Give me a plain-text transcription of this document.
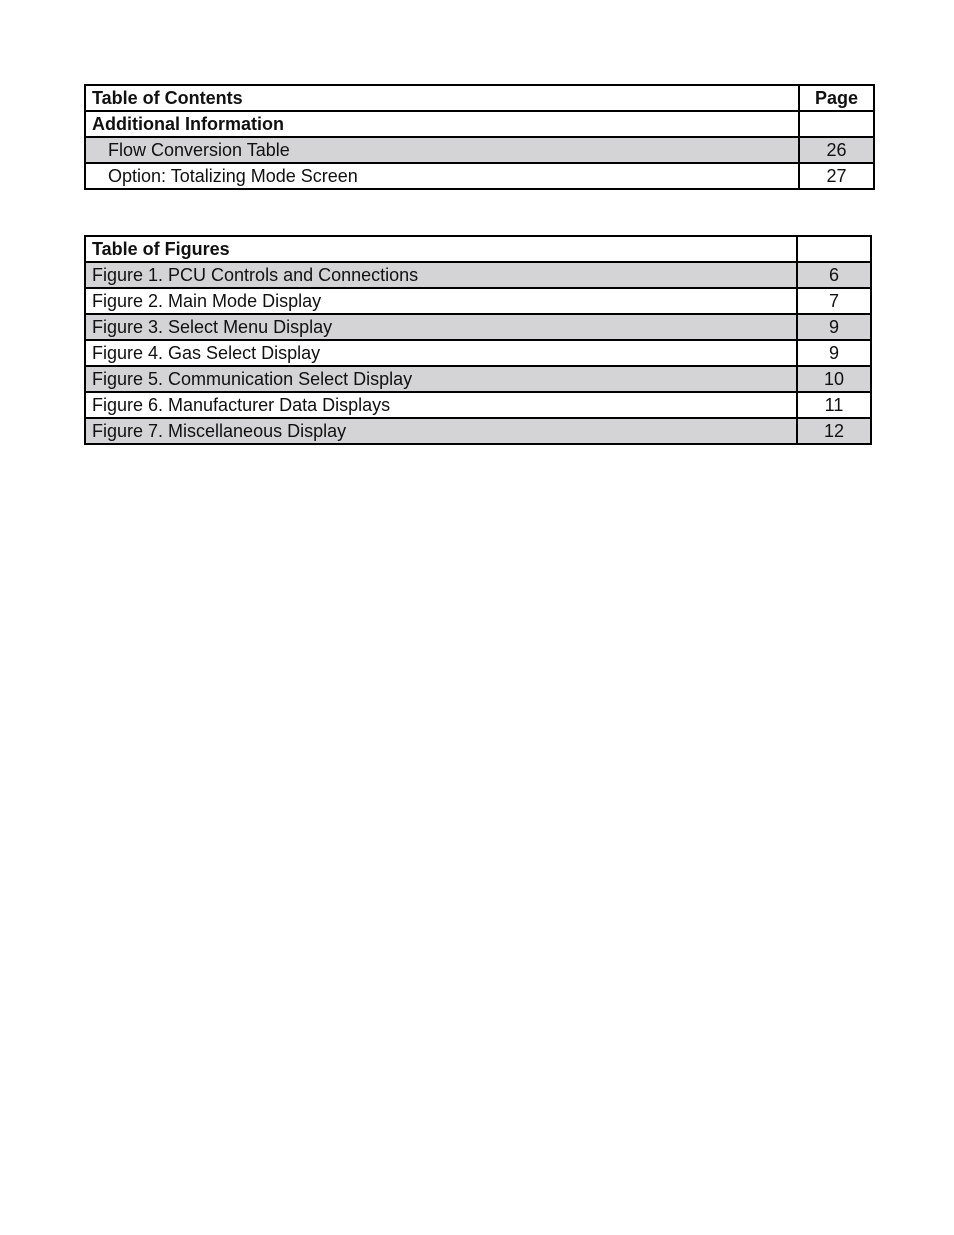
Table of Contents	Page
Additional Information	
Flow Conversion Table	26
Option: Totalizing Mode Screen	27
Table of Figures	
Figure 1. PCU Controls and Connections	6
Figure 2. Main Mode Display	7
Figure 3. Select Menu Display	9
Figure 4. Gas Select Display	9
Figure 5. Communication Select Display	10
Figure 6. Manufacturer Data Displays	11
Figure 7. Miscellaneous Display	12
